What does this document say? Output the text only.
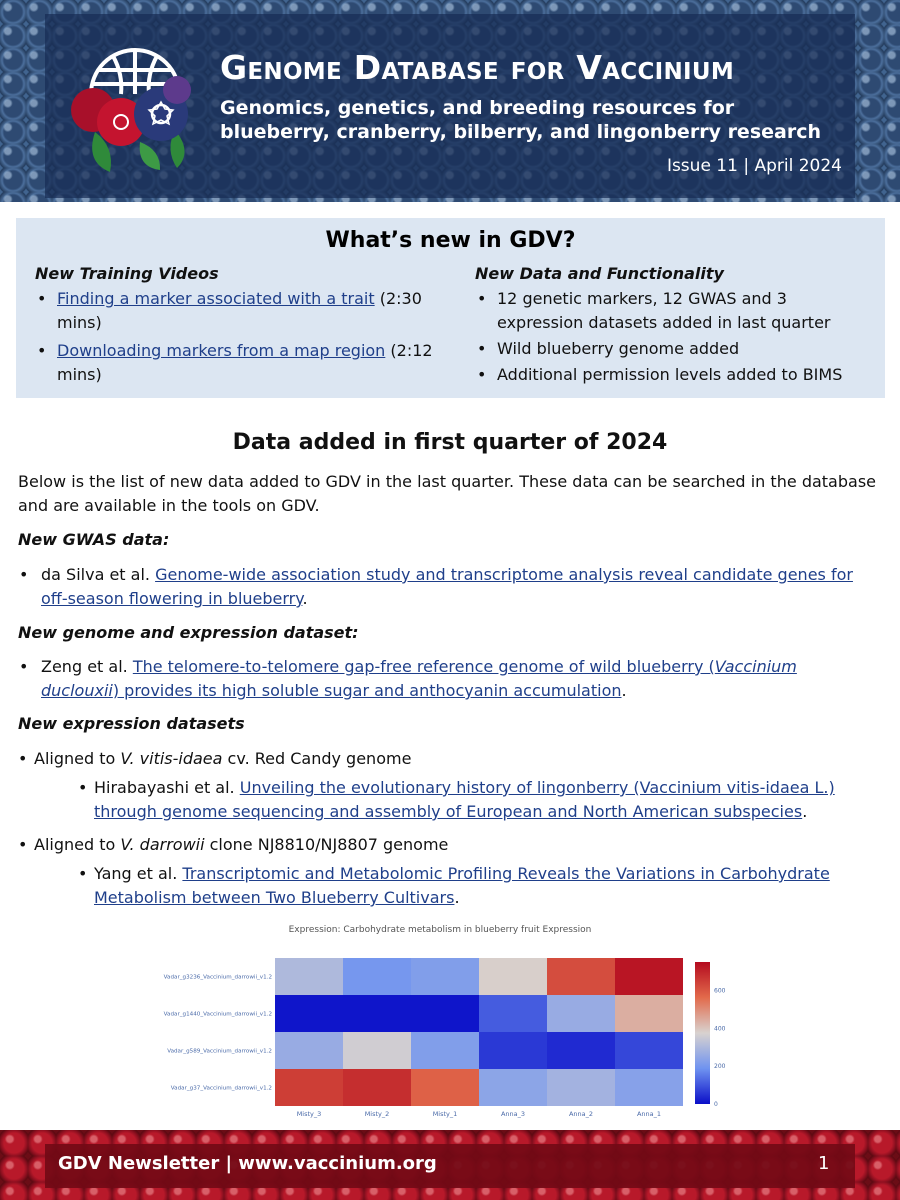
Genome Database for Vaccinium
Genomics, genetics, and breeding resources for blueberry, cranberry, bilberry, and lingonberry research
Issue 11 | April 2024
What’s new in GDV?
New Training Videos
• Finding a marker associated with a trait (2:30 mins)
• Downloading markers from a map region (2:12 mins)
New Data and Functionality
• 12 genetic markers, 12 GWAS and 3 expression datasets added in last quarter
• Wild blueberry genome added
• Additional permission levels added to BIMS
Data added in first quarter of 2024
Below is the list of new data added to GDV in the last quarter. These data can be searched in the database and are available in the tools on GDV.
New GWAS data:
• da Silva et al. Genome-wide association study and transcriptome analysis reveal candidate genes for off-season flowering in blueberry.
New genome and expression dataset:
• Zeng et al. The telomere-to-telomere gap-free reference genome of wild blueberry (Vaccinium duclouxii) provides its high soluble sugar and anthocyanin accumulation.
New expression datasets
• Aligned to V. vitis-idaea cv. Red Candy genome
• Hirabayashi et al. Unveiling the evolutionary history of lingonberry (Vaccinium vitis-idaea L.) through genome sequencing and assembly of European and North American subspecies.
• Aligned to V. darrowii clone NJ8810/NJ8807 genome
• Yang et al. Transcriptomic and Metabolomic Profiling Reveals the Variations in Carbohydrate Metabolism between Two Blueberry Cultivars.
Expression: Carbohydrate metabolism in blueberry fruit Expression
Vadar_g3236_Vaccinium_darrowii_v1.2
Vadar_g1440_Vaccinium_darrowii_v1.2
Vadar_g589_Vaccinium_darrowii_v1.2
Vadar_g37_Vaccinium_darrowii_v1.2
Misty_3	Misty_2	Misty_1	Anna_3	Anna_2	Anna_1
0
200
400
600
GDV Newsletter | www.vaccinium.org	1
